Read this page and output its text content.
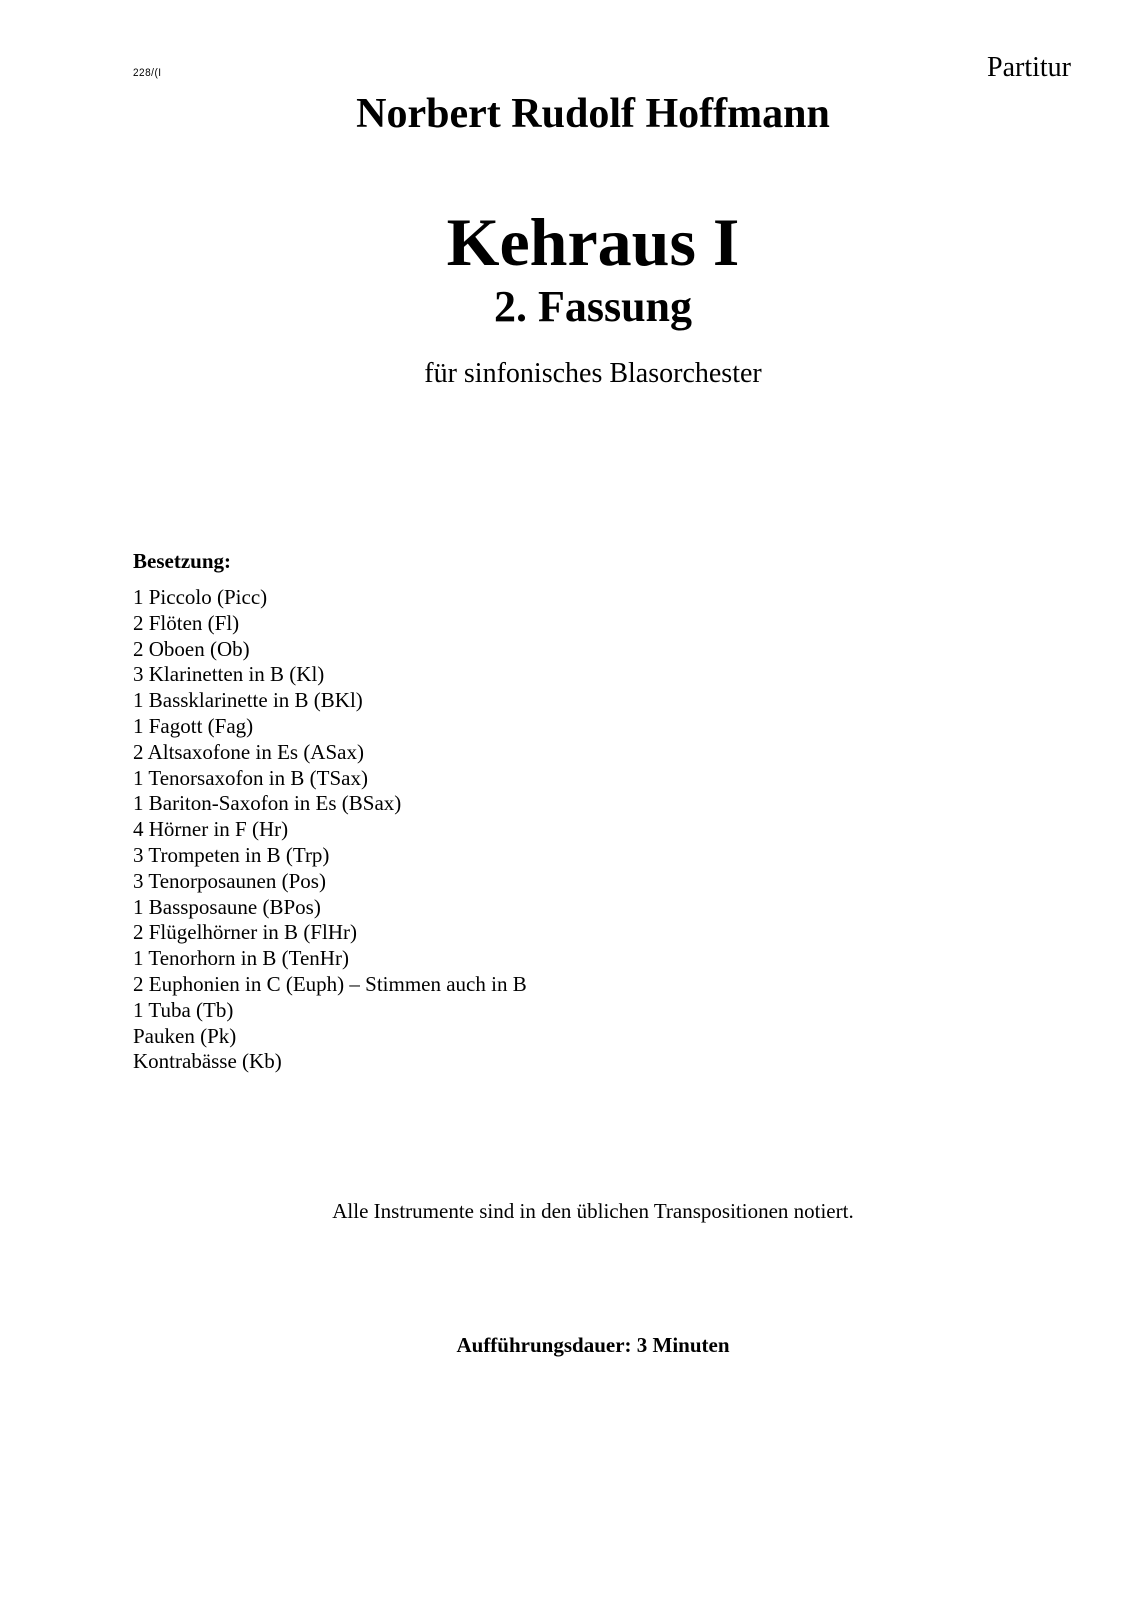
228/(I	Partitur
Norbert Rudolf Hoffmann
Kehraus I
2. Fassung
für sinfonisches Blasorchester
Besetzung:
1 Piccolo (Picc)
2 Flöten (Fl)
2 Oboen (Ob)
3 Klarinetten in B (Kl)
1 Bassklarinette in B (BKl)
1 Fagott (Fag)
2 Altsaxofone in Es (ASax)
1 Tenorsaxofon in B (TSax)
1 Bariton-Saxofon in Es (BSax)
4 Hörner in F (Hr)
3 Trompeten in B (Trp)
3 Tenorposaunen (Pos)
1 Bassposaune (BPos)
2 Flügelhörner in B (FlHr)
1 Tenorhorn in B (TenHr)
2 Euphonien in C (Euph) – Stimmen auch in B
1 Tuba (Tb)
Pauken (Pk)
Kontrabässe (Kb)
Alle Instrumente sind in den üblichen Transpositionen notiert.
Aufführungsdauer: 3 Minuten
